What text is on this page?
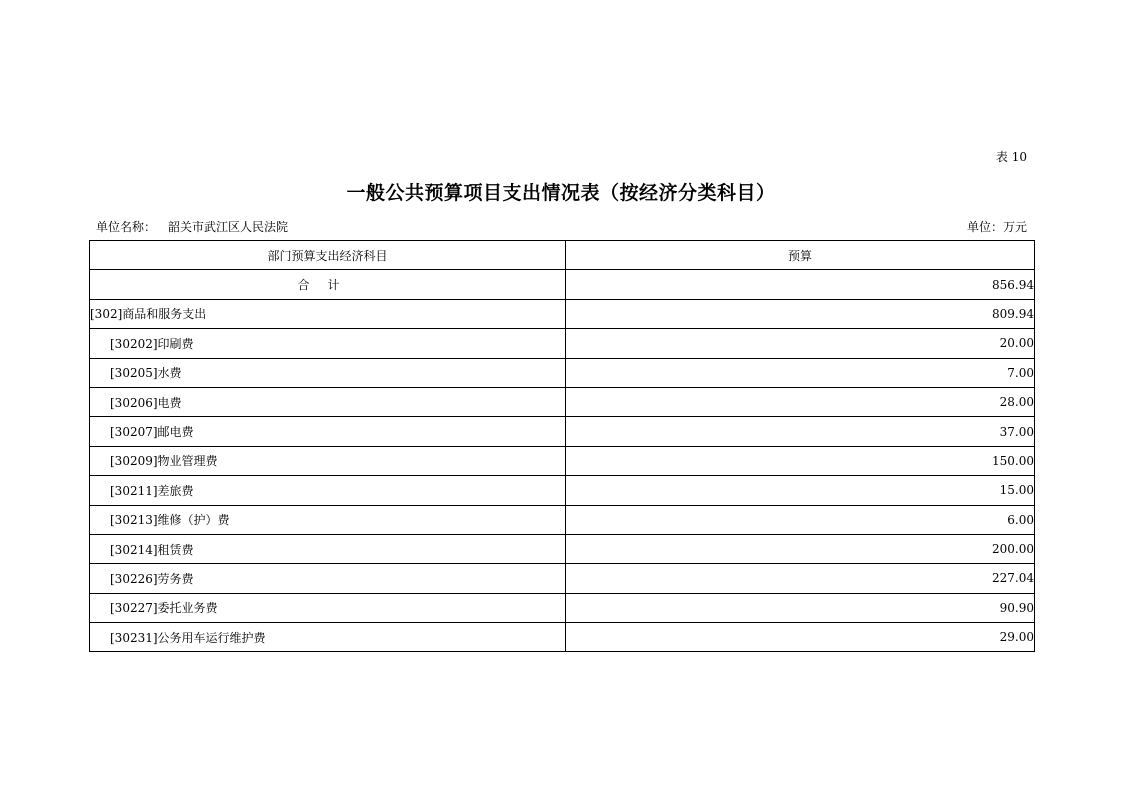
表 10
一般公共预算项目支出情况表（按经济分类科目）
单位名称： 韶关市武江区人民法院	单位：万元
部门预算支出经济科目	预算
合计	856.94
[302]商品和服务支出	809.94
[30202]印刷费	20.00
[30205]水费	7.00
[30206]电费	28.00
[30207]邮电费	37.00
[30209]物业管理费	150.00
[30211]差旅费	15.00
[30213]维修（护）费	6.00
[30214]租赁费	200.00
[30226]劳务费	227.04
[30227]委托业务费	90.90
[30231]公务用车运行维护费	29.00
